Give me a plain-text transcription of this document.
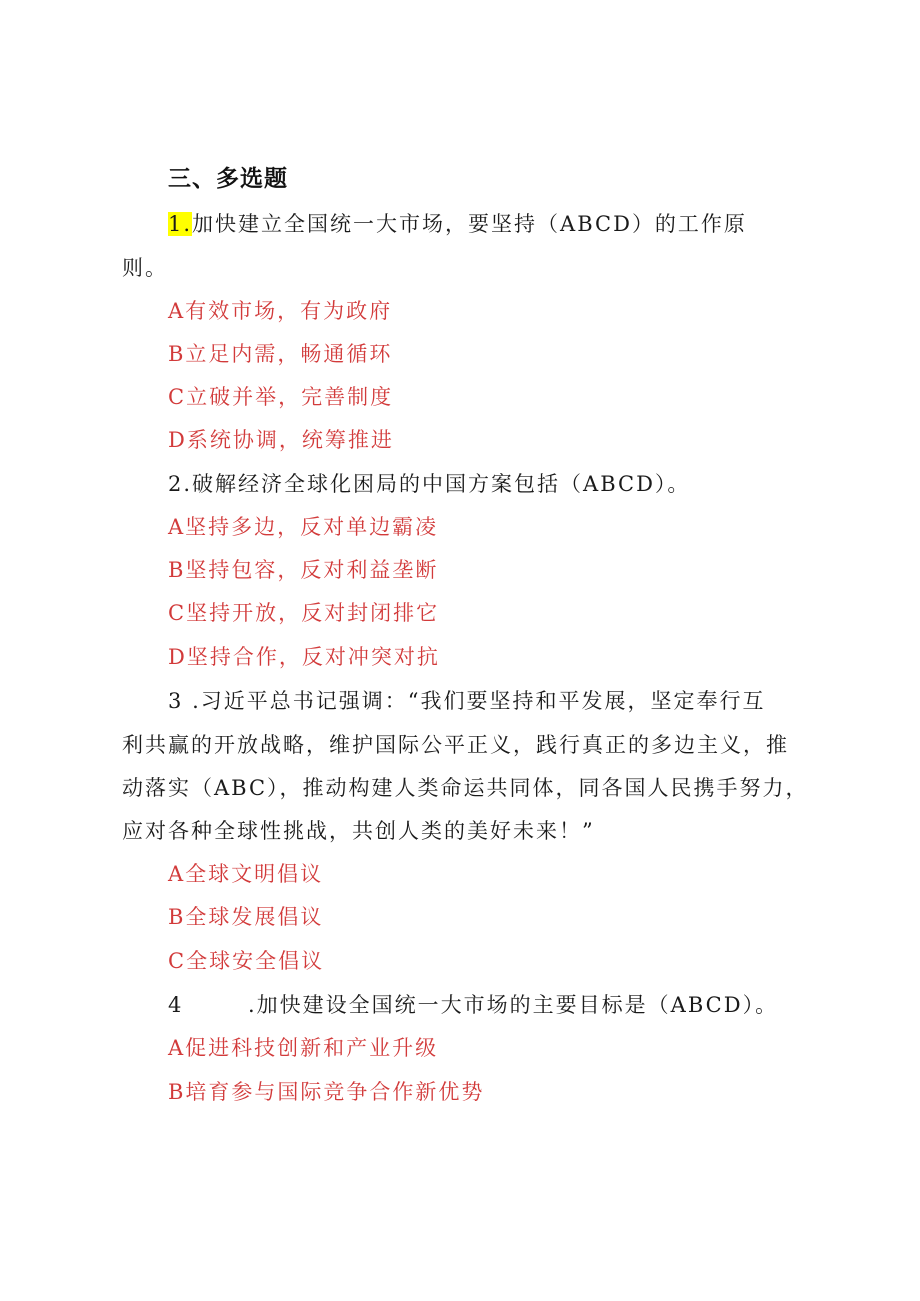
三、多选题
1.加快建立全国统一大市场，要坚持（ABCD）的工作原
则。
A有效市场，有为政府
B立足内需，畅通循环
C立破并举，完善制度
D系统协调，统筹推进
2.破解经济全球化困局的中国方案包括（ABCD）。
A坚持多边，反对单边霸凌
B坚持包容，反对利益垄断
C坚持开放，反对封闭排它
D坚持合作，反对冲突对抗
3 .习近平总书记强调：“我们要坚持和平发展，坚定奉行互
利共赢的开放战略，维护国际公平正义，践行真正的多边主义，推
动落实（ABC），推动构建人类命运共同体，同各国人民携手努力，
应对各种全球性挑战，共创人类的美好未来！”
A全球文明倡议
B全球发展倡议
C全球安全倡议
4	.加快建设全国统一大市场的主要目标是（ABCD）。
A促进科技创新和产业升级
B培育参与国际竞争合作新优势
